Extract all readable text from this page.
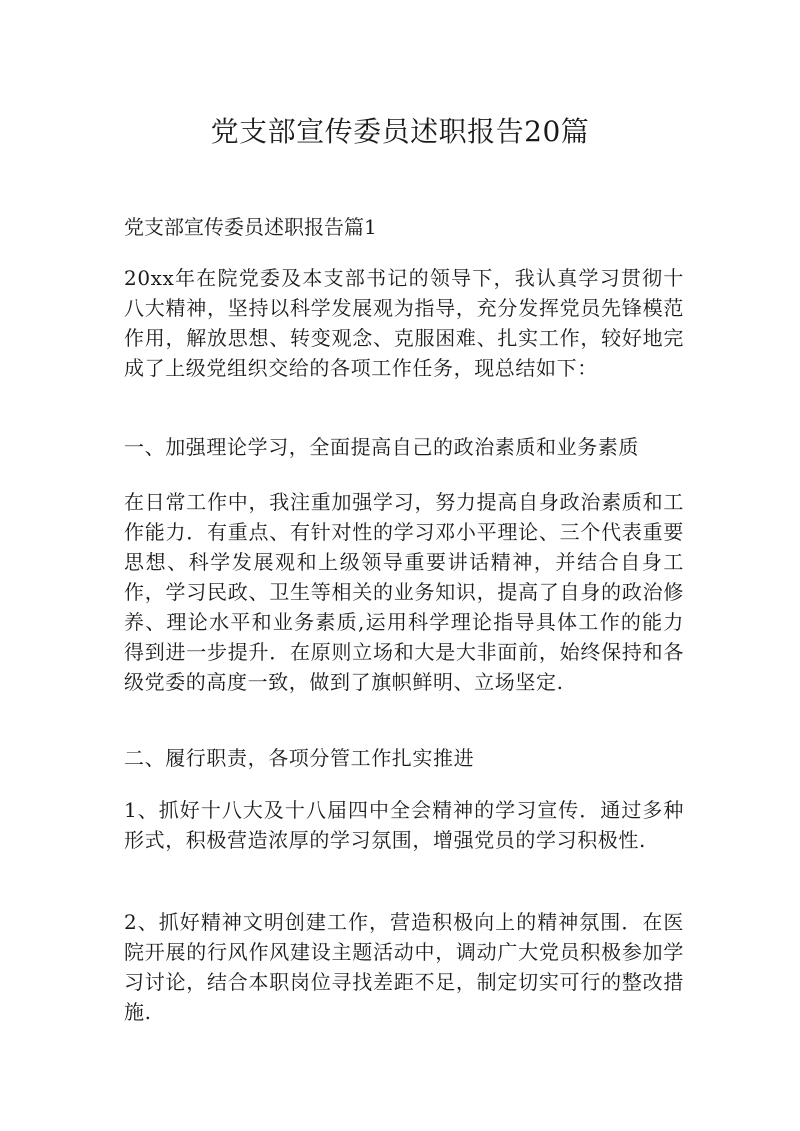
党支部宣传委员述职报告20篇

党支部宣传委员述职报告篇1

20xx年在院党委及本支部书记的领导下，我认真学习贯彻十八大精神，坚持以科学发展观为指导，充分发挥党员先锋模范作用，解放思想、转变观念、克服困难、扎实工作，较好地完成了上级党组织交给的各项工作任务，现总结如下：

一、加强理论学习，全面提高自己的政治素质和业务素质

在日常工作中，我注重加强学习，努力提高自身政治素质和工作能力．有重点、有针对性的学习邓小平理论、三个代表重要思想、科学发展观和上级领导重要讲话精神，并结合自身工作，学习民政、卫生等相关的业务知识，提高了自身的政治修养、理论水平和业务素质,运用科学理论指导具体工作的能力得到进一步提升．在原则立场和大是大非面前，始终保持和各级党委的高度一致，做到了旗帜鲜明、立场坚定.

二、履行职责，各项分管工作扎实推进

1、抓好十八大及十八届四中全会精神的学习宣传．通过多种形式，积极营造浓厚的学习氛围，增强党员的学习积极性.

2、抓好精神文明创建工作，营造积极向上的精神氛围．在医院开展的行风作风建设主题活动中，调动广大党员积极参加学习讨论，结合本职岗位寻找差距不足，制定切实可行的整改措施.
